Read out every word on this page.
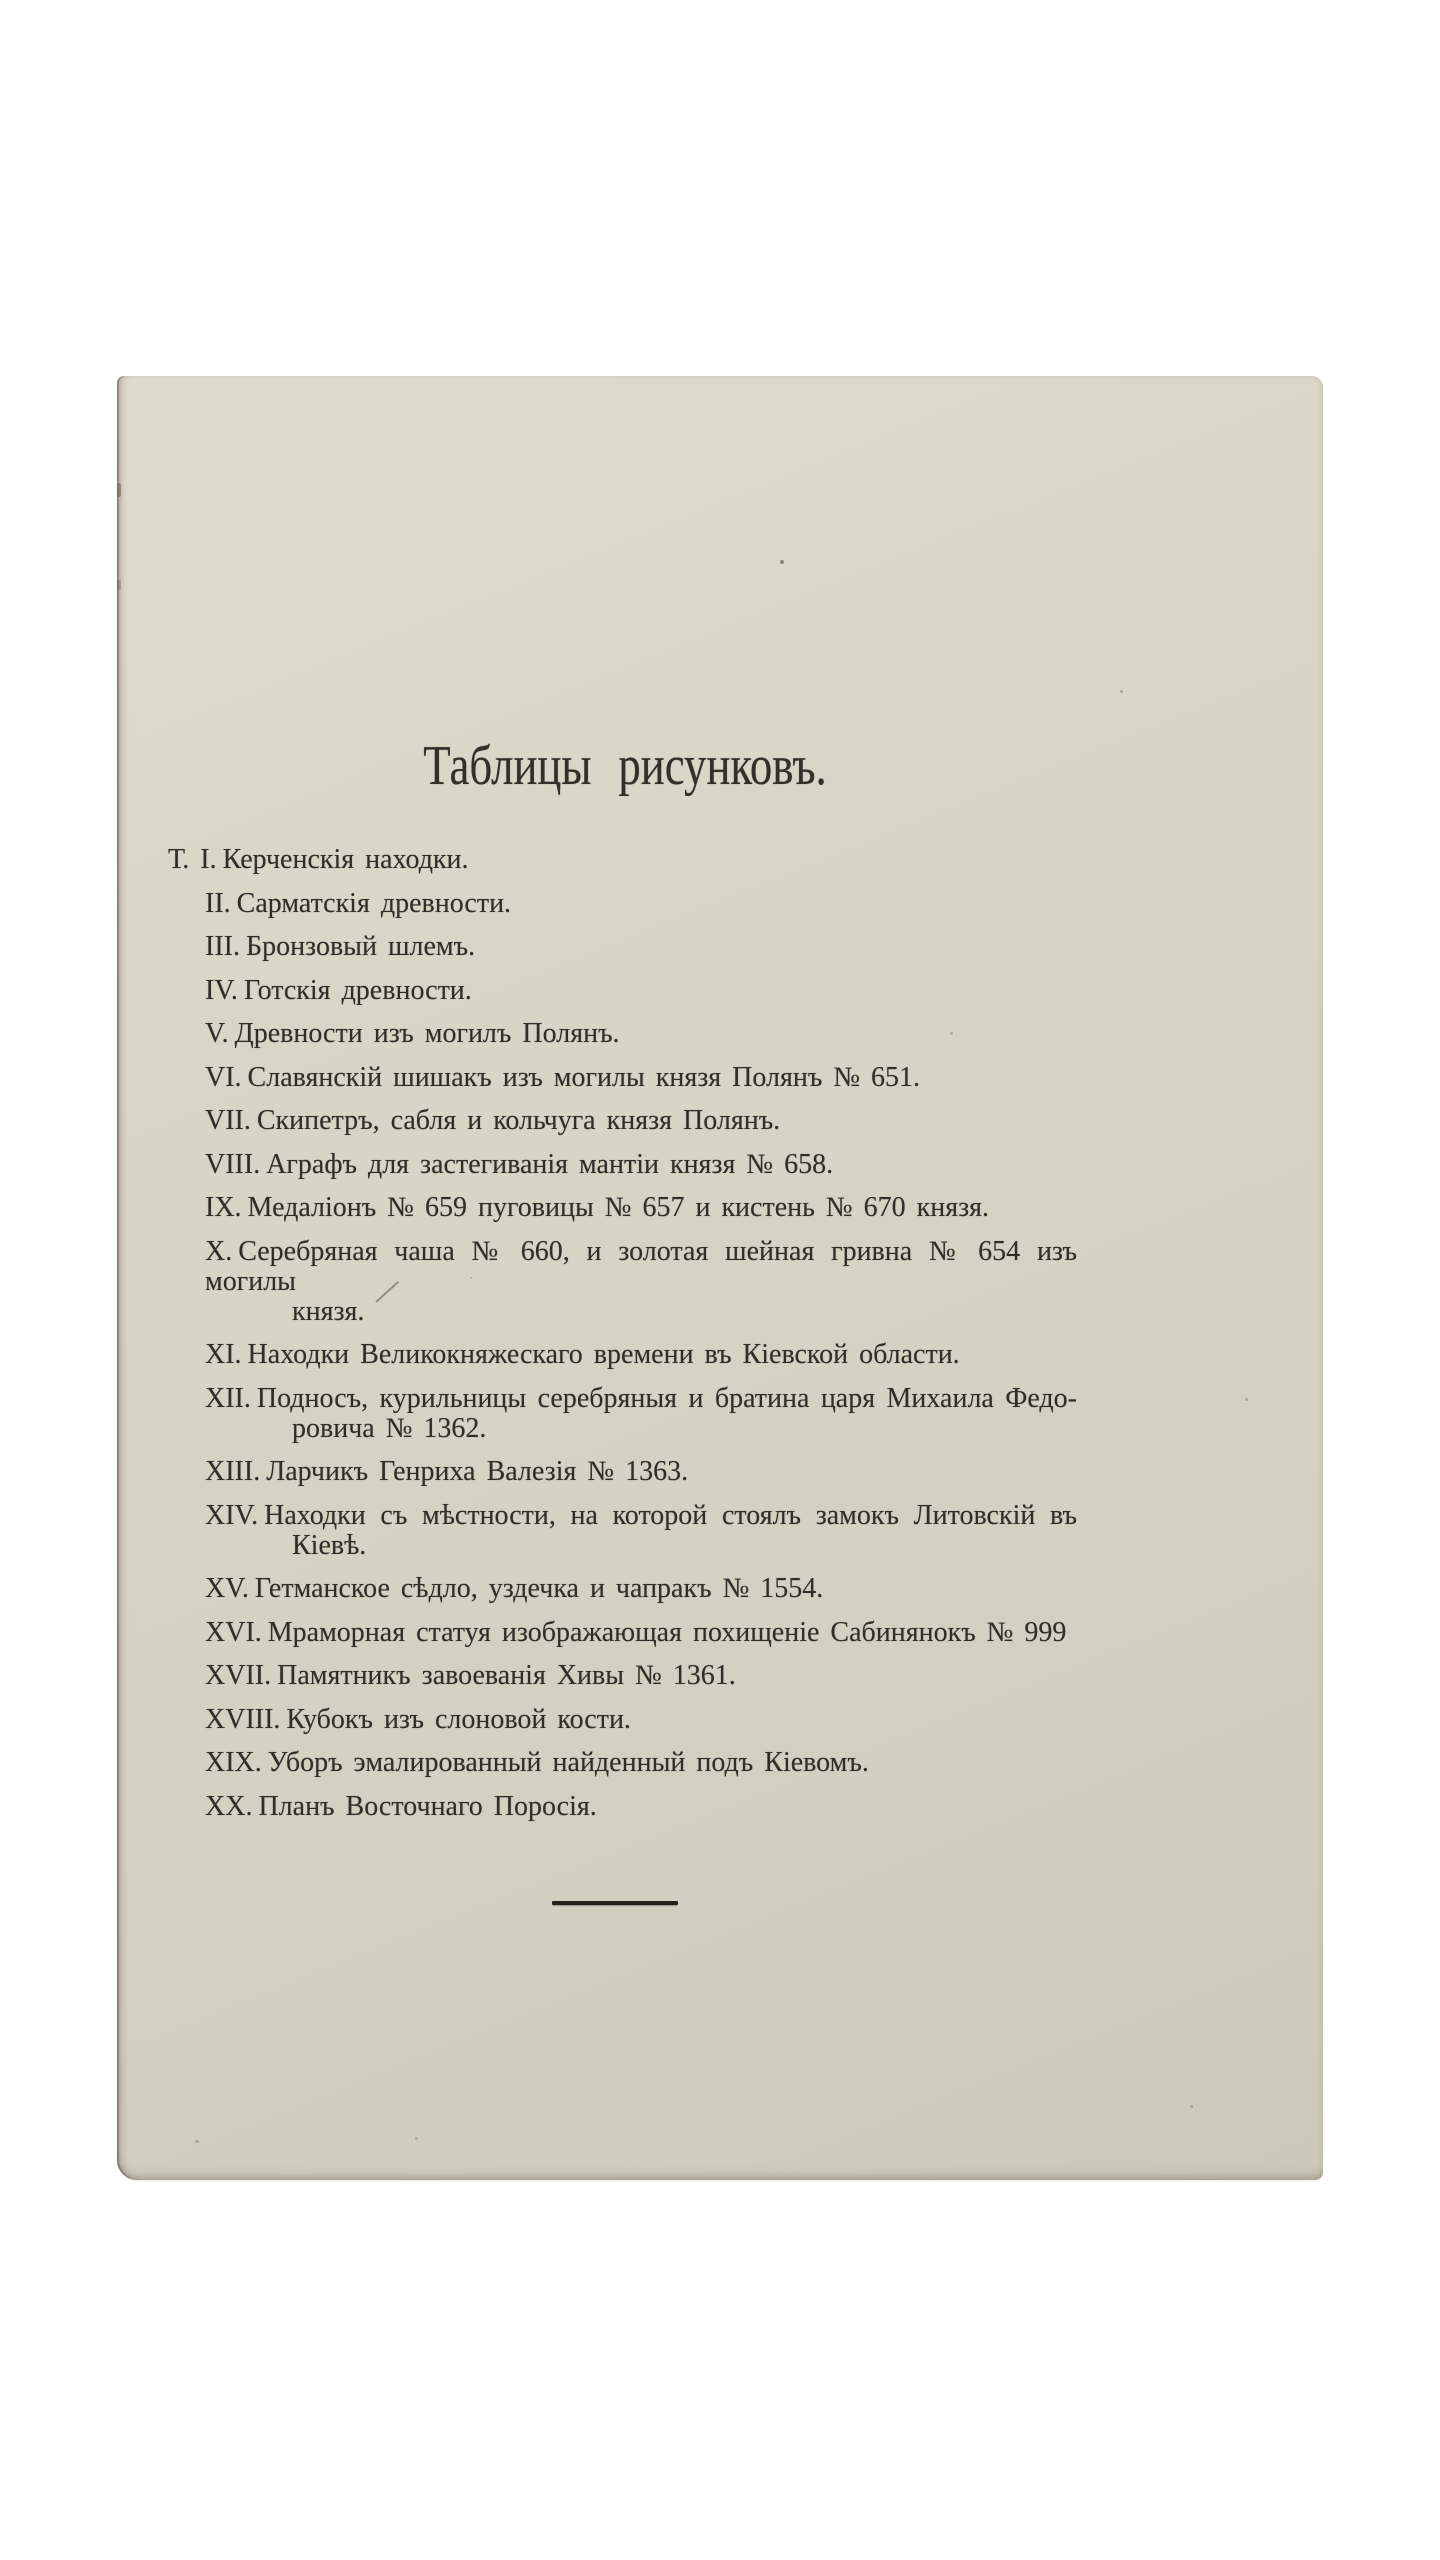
Таблицы рисунковъ.
Т. I. Керченскія находки.
II. Сарматскія древности.
III. Бронзовый шлемъ.
IV. Готскія древности.
V. Древности изъ могилъ Полянъ.
VI. Славянскій шишакъ изъ могилы князя Полянъ № 651.
VII. Скипетръ, сабля и кольчуга князя Полянъ.
VIII. Аграфъ для застегиванія мантіи князя № 658.
IX. Медаліонъ № 659 пуговицы № 657 и кистень № 670 князя.
X. Серебряная чаша № 660, и золотая шейная гривна № 654 изъ могилы
князя.
XI. Находки Великокняжескаго времени въ Кіевской области.
XII. Подносъ, курильницы серебряныя и братина царя Михаила Федо-
ровича № 1362.
XIII. Ларчикъ Генриха Валезія № 1363.
XIV. Находки съ мѣстности, на которой стоялъ замокъ Литовскій въ
Кіевѣ.
XV. Гетманское сѣдло, уздечка и чапракъ № 1554.
XVI. Мраморная статуя изображающая похищеніе Сабинянокъ № 999
XVII. Памятникъ завоеванія Хивы № 1361.
XVIII. Кубокъ изъ слоновой кости.
XIX. Уборъ эмалированный найденный подъ Кіевомъ.
XX. Планъ Восточнаго Поросія.
